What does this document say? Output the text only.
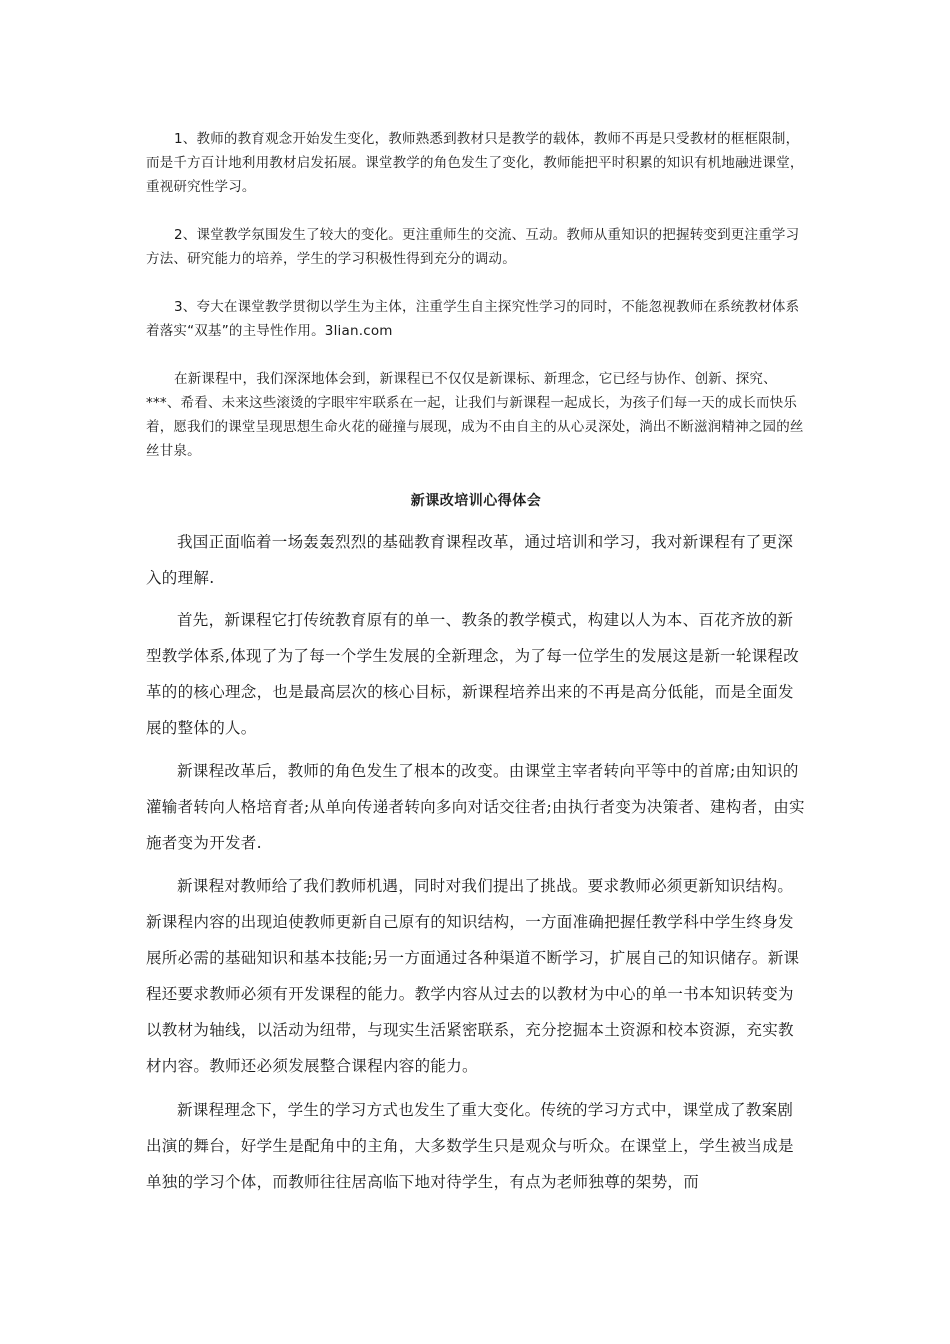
1、教师的教育观念开始发生变化，教师熟悉到教材只是教学的载体，教师不再是只受教材的框框限制，而是千方百计地利用教材启发拓展。课堂教学的角色发生了变化，教师能把平时积累的知识有机地融进课堂，重视研究性学习。

2、课堂教学氛围发生了较大的变化。更注重师生的交流、互动。教师从重知识的把握转变到更注重学习方法、研究能力的培养，学生的学习积极性得到充分的调动。

3、夸大在课堂教学贯彻以学生为主体，注重学生自主探究性学习的同时，不能忽视教师在系统教材体系着落实“双基”的主导性作用。3lian.com

在新课程中，我们深深地体会到，新课程已不仅仅是新课标、新理念，它已经与协作、创新、探究、***、希看、未来这些滚烫的字眼牢牢联系在一起，让我们与新课程一起成长，为孩子们每一天的成长而快乐着，愿我们的课堂呈现思想生命火花的碰撞与展现，成为不由自主的从心灵深处，淌出不断滋润精神之园的丝丝甘泉。

新课改培训心得体会

我国正面临着一场轰轰烈烈的基础教育课程改革，通过培训和学习，我对新课程有了更深入的理解.

首先，新课程它打传统教育原有的单一、教条的教学模式，构建以人为本、百花齐放的新型教学体系,体现了为了每一个学生发展的全新理念，为了每一位学生的发展这是新一轮课程改革的的核心理念，也是最高层次的核心目标，新课程培养出来的不再是高分低能，而是全面发展的整体的人。

新课程改革后，教师的角色发生了根本的改变。由课堂主宰者转向平等中的首席;由知识的灌输者转向人格培育者;从单向传递者转向多向对话交往者;由执行者变为决策者、建构者，由实施者变为开发者.

新课程对教师给了我们教师机遇，同时对我们提出了挑战。要求教师必须更新知识结构。新课程内容的出现迫使教师更新自己原有的知识结构，一方面准确把握任教学科中学生终身发展所必需的基础知识和基本技能;另一方面通过各种渠道不断学习，扩展自己的知识储存。新课程还要求教师必须有开发课程的能力。教学内容从过去的以教材为中心的单一书本知识转变为以教材为轴线，以活动为纽带，与现实生活紧密联系，充分挖掘本土资源和校本资源，充实教材内容。教师还必须发展整合课程内容的能力。

新课程理念下，学生的学习方式也发生了重大变化。传统的学习方式中，课堂成了教案剧出演的舞台，好学生是配角中的主角，大多数学生只是观众与听众。在课堂上，学生被当成是单独的学习个体，而教师往往居高临下地对待学生，有点为老师独尊的架势，而
